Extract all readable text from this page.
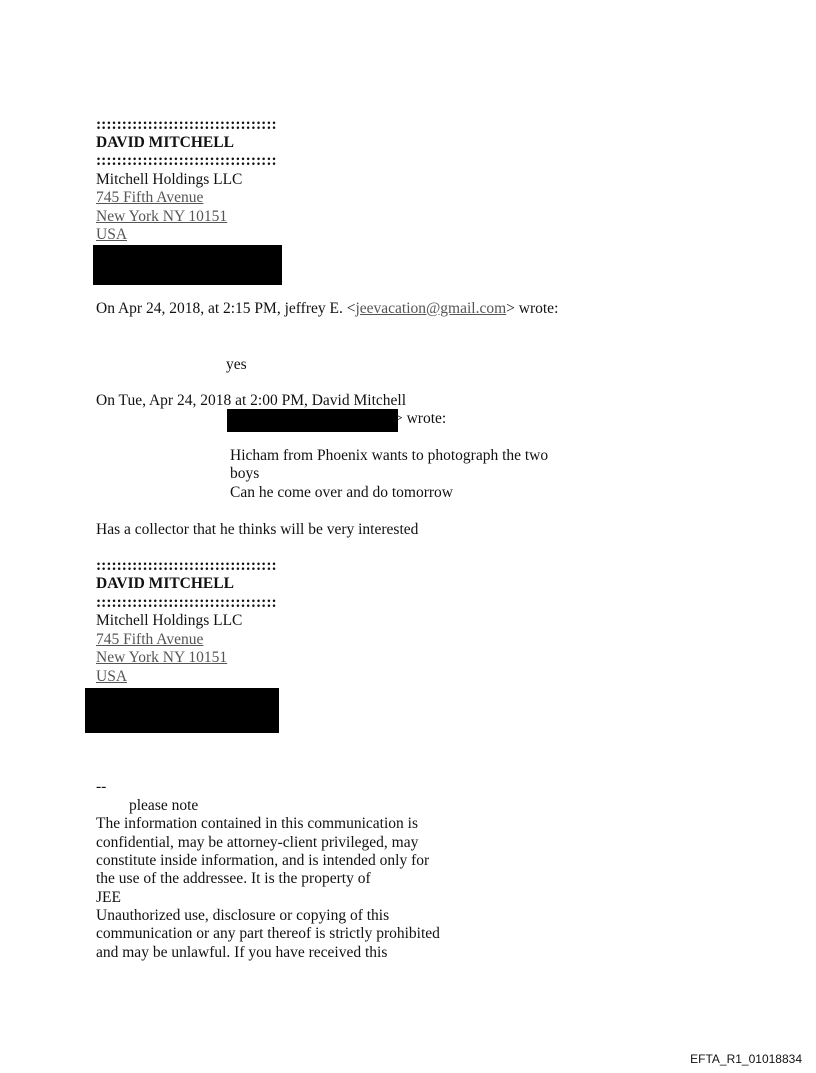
:::::::::::::::::::::::::::::::::::
DAVID MITCHELL
:::::::::::::::::::::::::::::::::::
Mitchell Holdings LLC
745 Fifth Avenue
New York NY 10151
USA
On Apr 24, 2018, at 2:15 PM, jeffrey E. <jeevacation@gmail.com> wrote:
yes
On Tue, Apr 24, 2018 at 2:00 PM, David Mitchell
> wrote:
Hicham from Phoenix wants to photograph the two
boys
Can he come over and do tomorrow
Has a collector that he thinks will be very interested
:::::::::::::::::::::::::::::::::::
DAVID MITCHELL
:::::::::::::::::::::::::::::::::::
Mitchell Holdings LLC
745 Fifth Avenue
New York NY 10151
USA
--
please note
The information contained in this communication is
confidential, may be attorney-client privileged, may
constitute inside information, and is intended only for
the use of the addressee. It is the property of
JEE
Unauthorized use, disclosure or copying of this
communication or any part thereof is strictly prohibited
and may be unlawful. If you have received this
EFTA_R1_01018834
